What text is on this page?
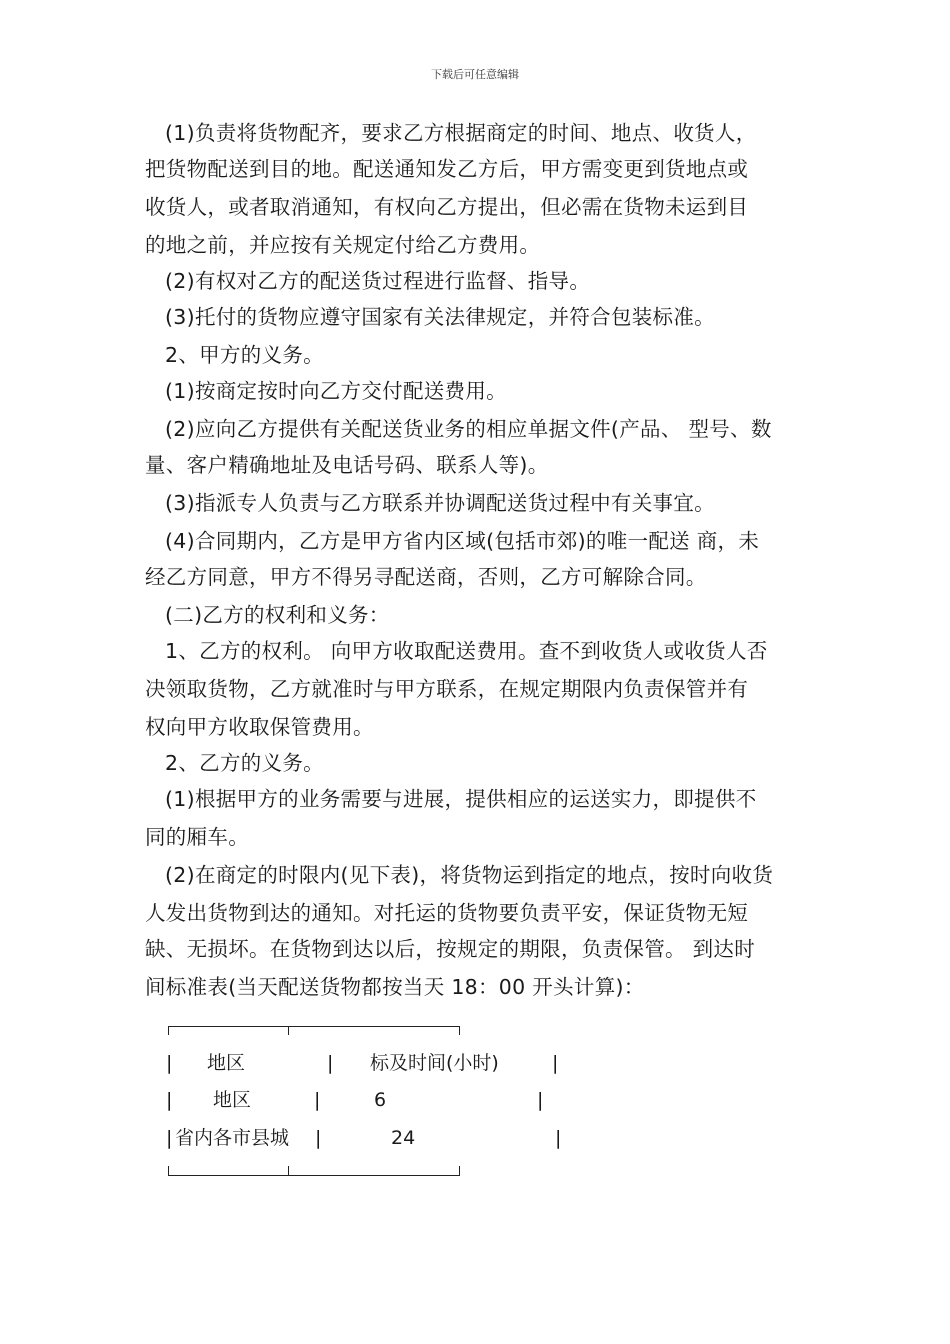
下载后可任意编辑
(1)负责将货物配齐，要求乙方根据商定的时间、地点、收货人，
把货物配送到目的地。配送通知发乙方后，甲方需变更到货地点或
收货人，或者取消通知，有权向乙方提出，但必需在货物未运到目
的地之前，并应按有关规定付给乙方费用。
(2)有权对乙方的配送货过程进行监督、指导。
(3)托付的货物应遵守国家有关法律规定，并符合包装标准。
2、甲方的义务。
(1)按商定按时向乙方交付配送费用。
(2)应向乙方提供有关配送货业务的相应单据文件(产品、 型号、数
量、客户精确地址及电话号码、联系人等)。
(3)指派专人负责与乙方联系并协调配送货过程中有关事宜。
(4)合同期内，乙方是甲方省内区域(包括市郊)的唯一配送 商，未
经乙方同意，甲方不得另寻配送商，否则，乙方可解除合同。
(二)乙方的权利和义务：
1、乙方的权利。 向甲方收取配送费用。查不到收货人或收货人否
决领取货物，乙方就准时与甲方联系，在规定期限内负责保管并有
权向甲方收取保管费用。
2、乙方的义务。
(1)根据甲方的业务需要与进展，提供相应的运送实力，即提供不
同的厢车。
(2)在商定的时限内(见下表)，将货物运到指定的地点，按时向收货
人发出货物到达的通知。对托运的货物要负责平安，保证货物无短
缺、无损坏。在货物到达以后，按规定的期限，负责保管。 到达时
间标准表(当天配送货物都按当天 18：00 开头计算)：
| 地区	| 标及时间(小时)	|
| 地区	|	6	|
| 省内各市县城 |	24	|
